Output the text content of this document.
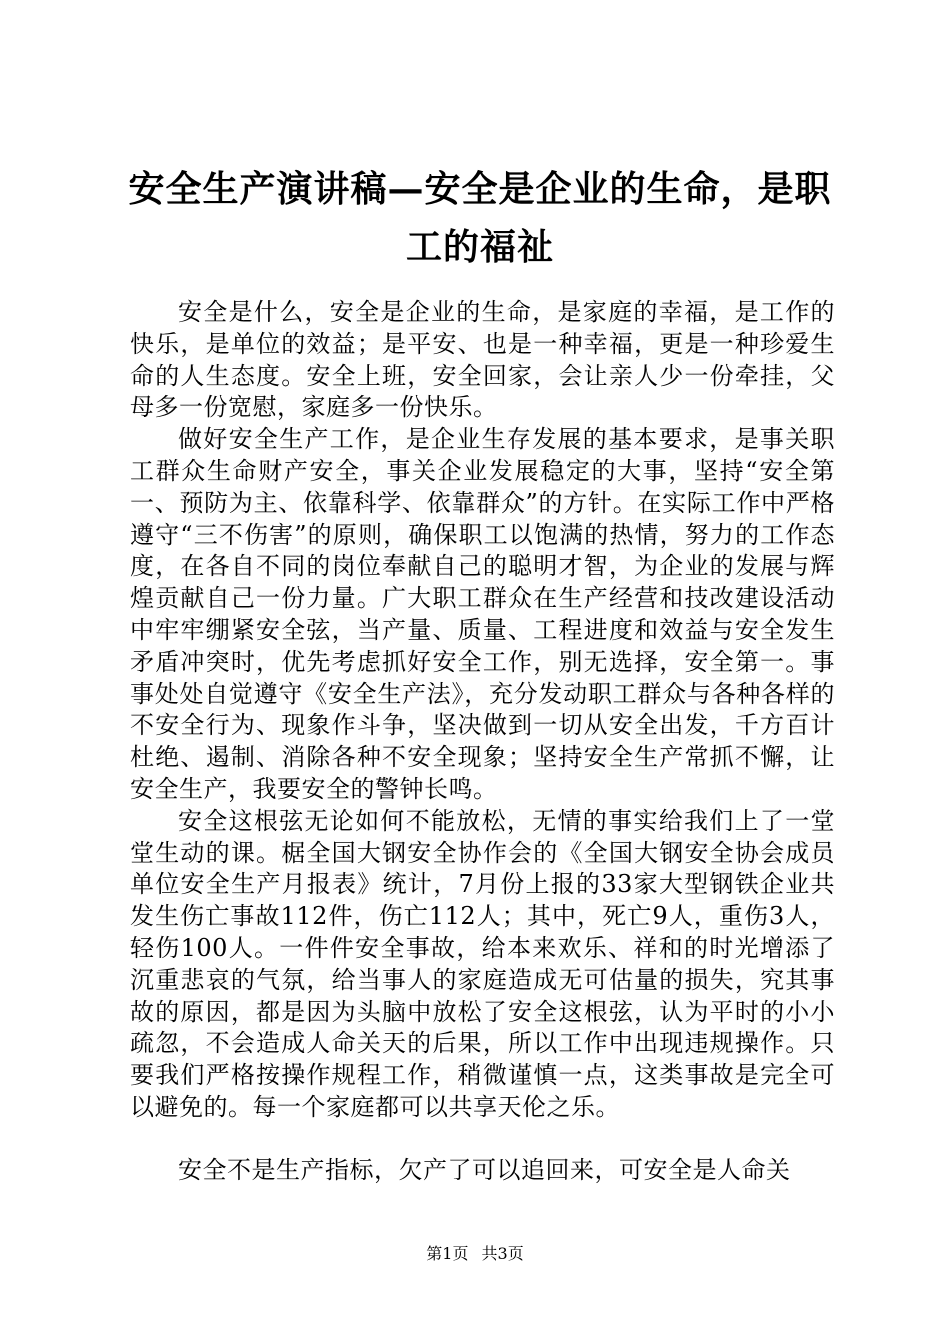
安全生产演讲稿—安全是企业的生命，是职工的福祉

安全是什么，安全是企业的生命，是家庭的幸福，是工作的快乐，是单位的效益；是平安、也是一种幸福，更是一种珍爱生命的人生态度。安全上班，安全回家，会让亲人少一份牵挂，父母多一份宽慰，家庭多一份快乐。

做好安全生产工作，是企业生存发展的基本要求，是事关职工群众生命财产安全，事关企业发展稳定的大事，坚持“安全第一、预防为主、依靠科学、依靠群众”的方针。在实际工作中严格遵守“三不伤害”的原则，确保职工以饱满的热情，努力的工作态度，在各自不同的岗位奉献自己的聪明才智，为企业的发展与辉煌贡献自己一份力量。广大职工群众在生产经营和技改建设活动中牢牢绷紧安全弦，当产量、质量、工程进度和效益与安全发生矛盾冲突时，优先考虑抓好安全工作，别无选择，安全第一。事事处处自觉遵守《安全生产法》，充分发动职工群众与各种各样的不安全行为、现象作斗争，坚决做到一切从安全出发，千方百计杜绝、遏制、消除各种不安全现象；坚持安全生产常抓不懈，让安全生产，我要安全的警钟长鸣。

安全这根弦无论如何不能放松，无情的事实给我们上了一堂堂生动的课。椐全国大钢安全协作会的《全国大钢安全协会成员单位安全生产月报表》统计，7月份上报的33家大型钢铁企业共发生伤亡事故112件，伤亡112人；其中，死亡9人，重伤3人，轻伤100人。一件件安全事故，给本来欢乐、祥和的时光增添了沉重悲哀的气氛，给当事人的家庭造成无可估量的损失，究其事故的原因，都是因为头脑中放松了安全这根弦，认为平时的小小疏忽，不会造成人命关天的后果，所以工作中出现违规操作。只要我们严格按操作规程工作，稍微谨慎一点，这类事故是完全可以避免的。每一个家庭都可以共享天伦之乐。

安全不是生产指标，欠产了可以追回来，可安全是人命关

第1页 共3页
